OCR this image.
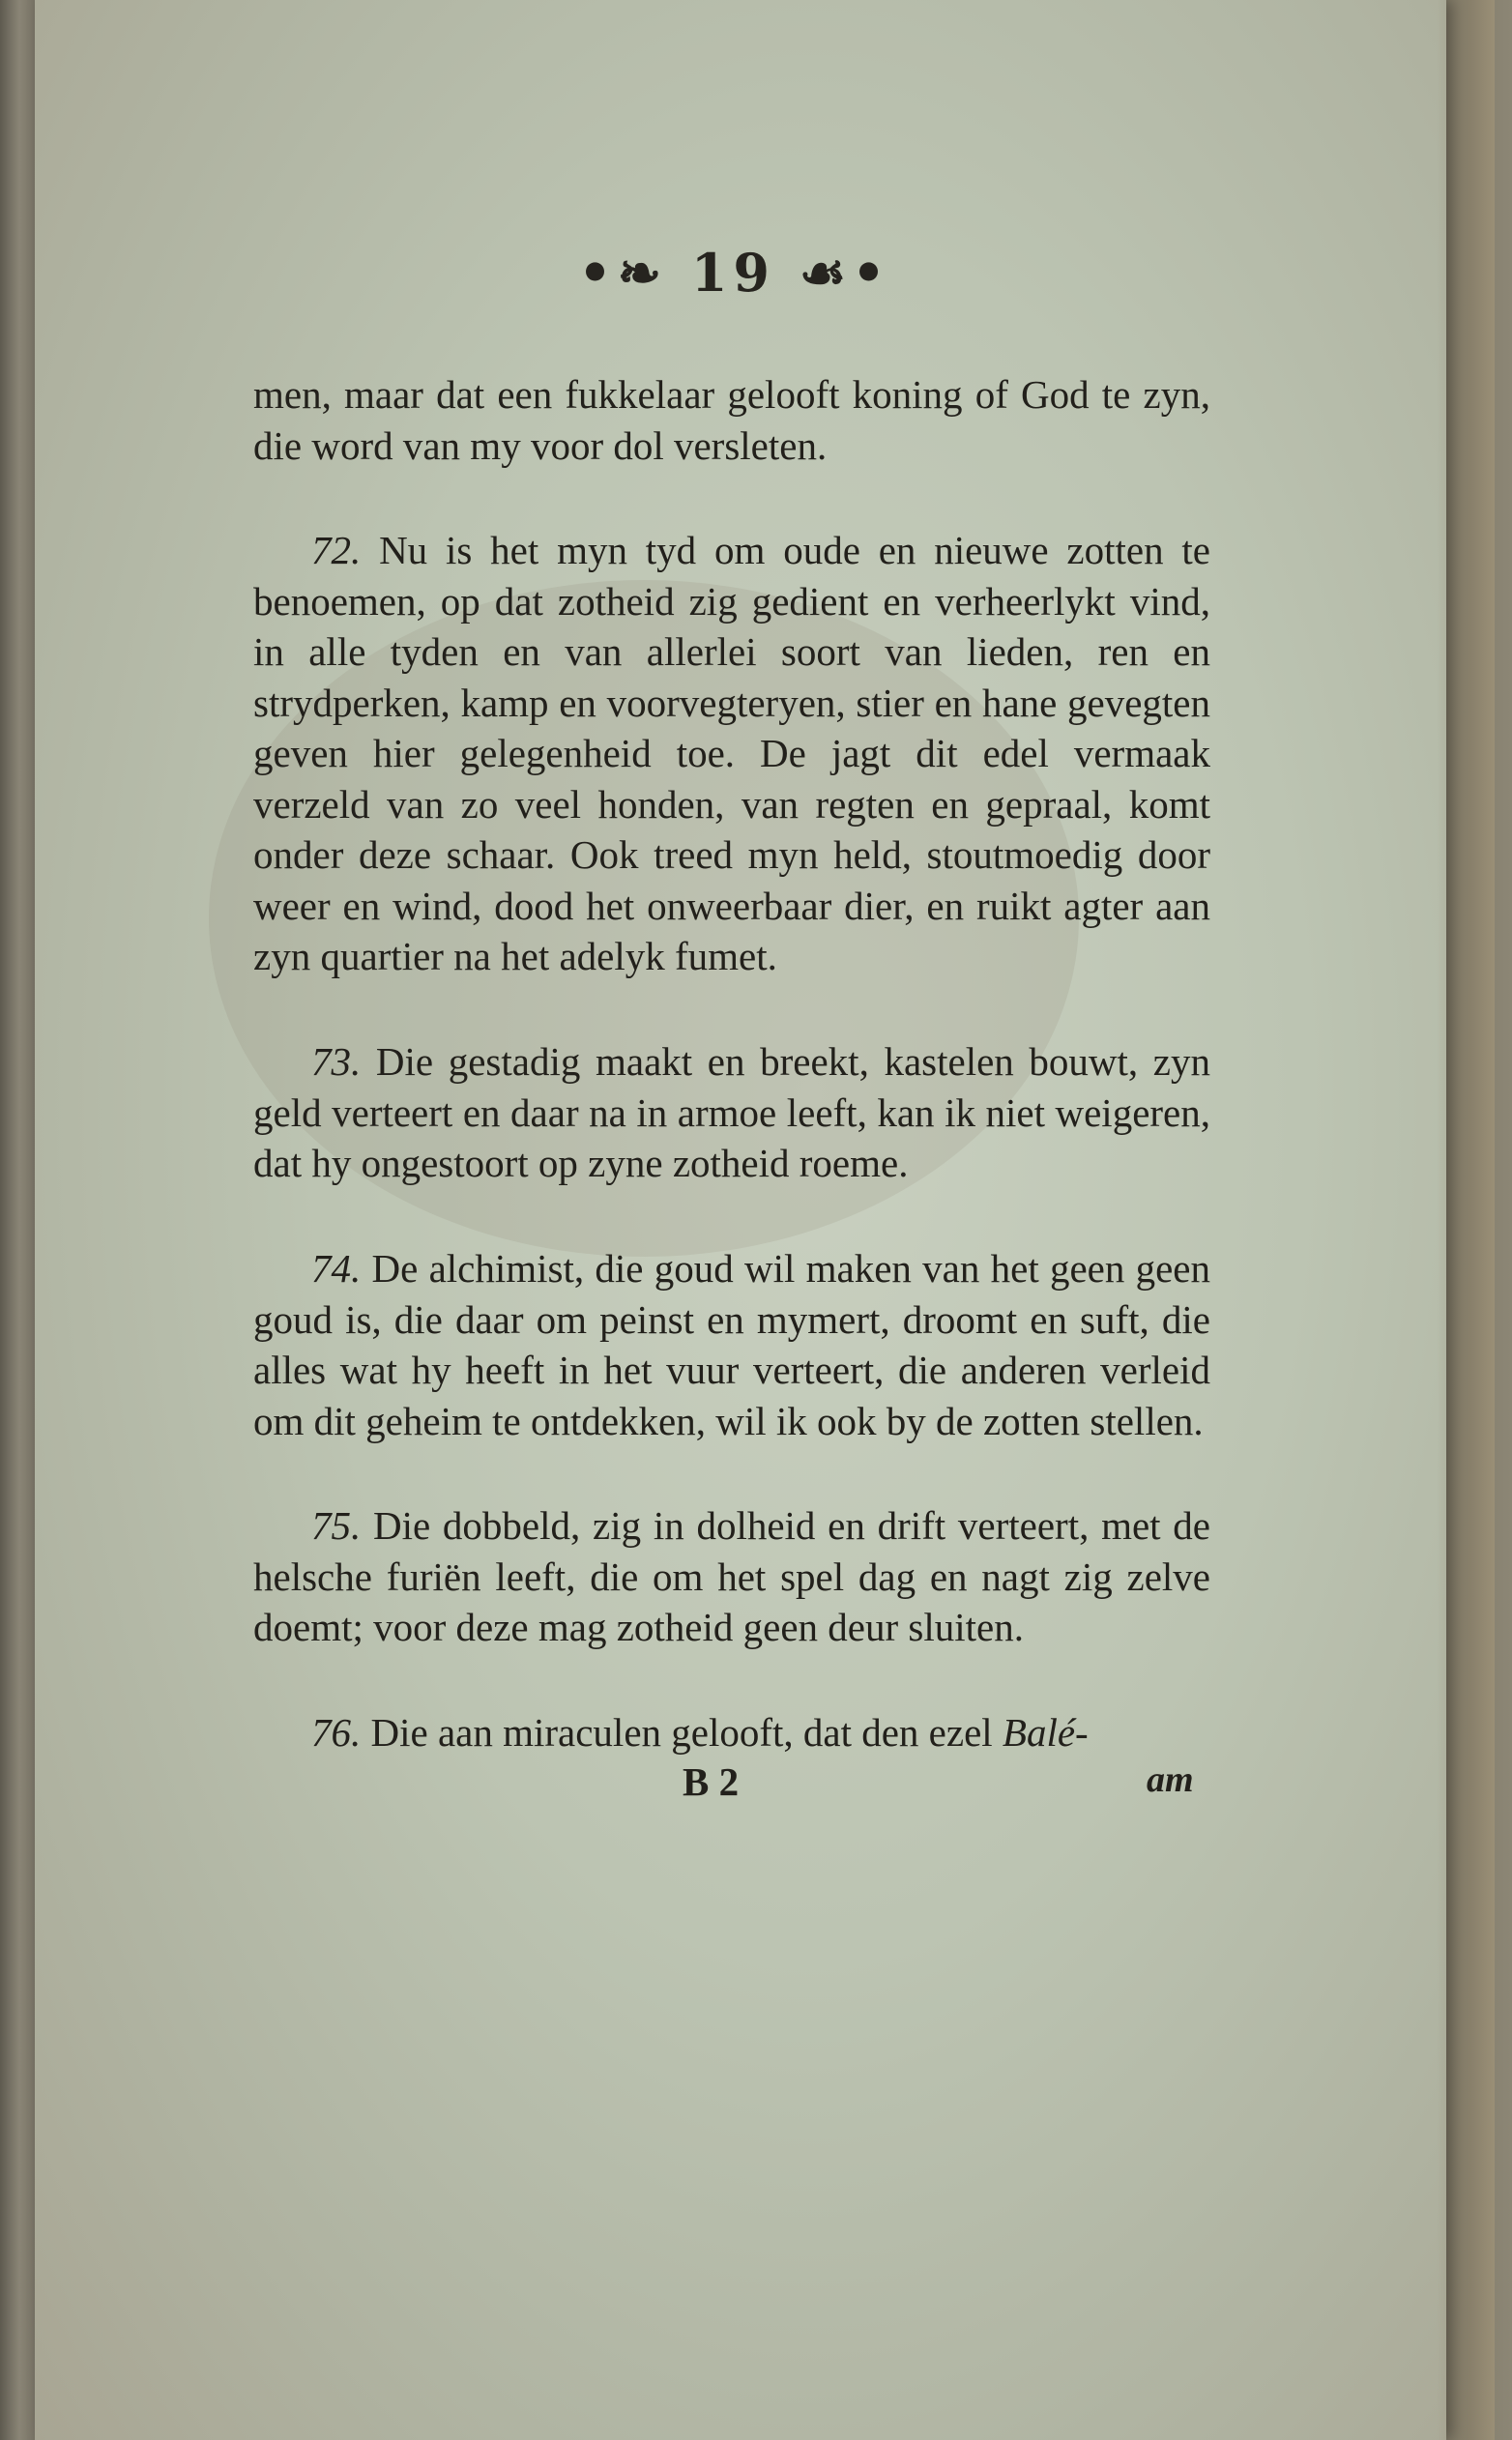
•❧ 19 ☙•

men, maar dat een fukkelaar gelooft koning of God te zyn, die word van my voor dol versleten.

72. Nu is het myn tyd om oude en nieuwe zotten te benoemen, op dat zotheid zig gedient en verheerlykt vind, in alle tyden en van allerlei soort van lieden, ren en strydperken, kamp en voorvegteryen, stier en hane gevegten geven hier gelegenheid toe. De jagt dit edel vermaak verzeld van zo veel honden, van regten en gepraal, komt onder deze schaar. Ook treed myn held, stoutmoedig door weer en wind, dood het onweerbaar dier, en ruikt agter aan zyn quartier na het adelyk fumet.

73. Die gestadig maakt en breekt, kastelen bouwt, zyn geld verteert en daar na in armoe leeft, kan ik niet weigeren, dat hy ongestoort op zyne zotheid roeme.

74. De alchimist, die goud wil maken van het geen geen goud is, die daar om peinst en mymert, droomt en suft, die alles wat hy heeft in het vuur verteert, die anderen verleid om dit geheim te ontdekken, wil ik ook by de zotten stellen.

75. Die dobbeld, zig in dolheid en drift verteert, met de helsche furiën leeft, die om het spel dag en nagt zig zelve doemt; voor deze mag zotheid geen deur sluiten.

76. Die aan miraculen gelooft, dat den ezel Balé-

B 2	am
